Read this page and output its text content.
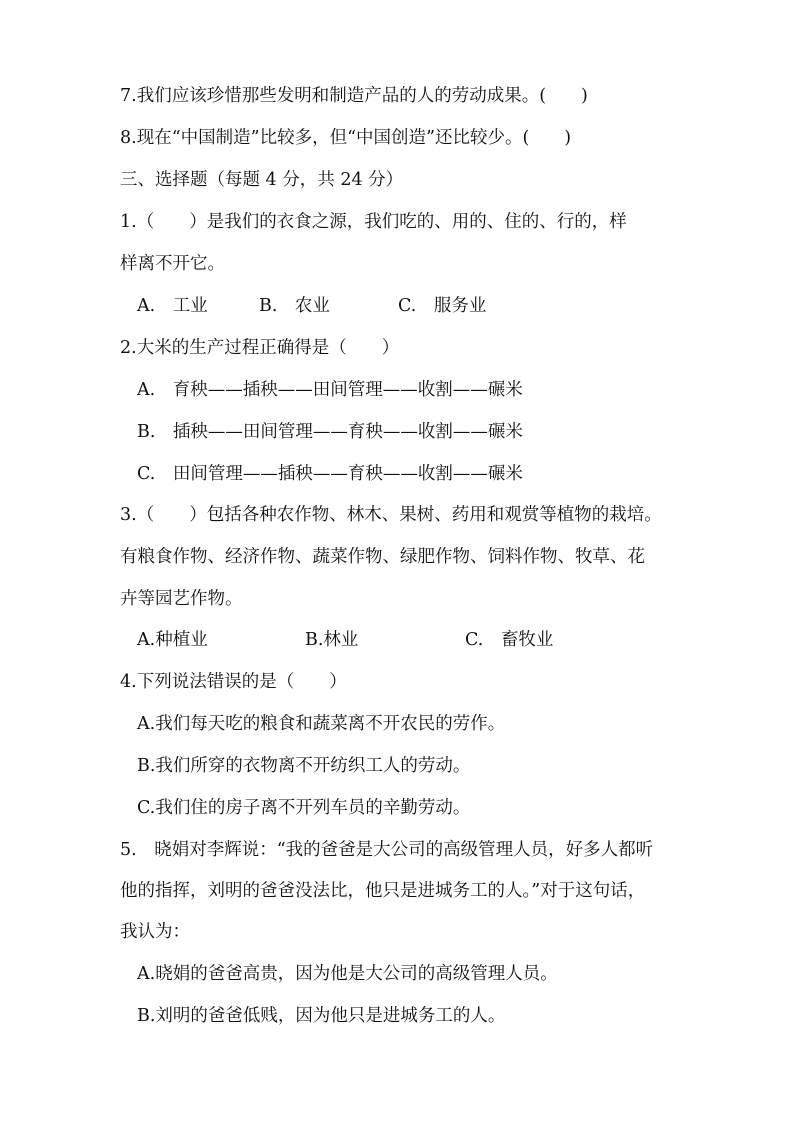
7.我们应该珍惜那些发明和制造产品的人的劳动成果。(　　)
8.现在“中国制造”比较多，但“中国创造”还比较少。(　　)
三、选择题（每题 4 分，共 24 分）
1.（　　）是我们的衣食之源，我们吃的、用的、住的、行的，样
样离不开它。
A.　工业	B.　农业	C.　服务业
2.大米的生产过程正确得是（　　）
A.　育秧——插秧——田间管理——收割——碾米
B.　插秧——田间管理——育秧——收割——碾米
C.　田间管理——插秧——育秧——收割——碾米
3.（　　）包括各种农作物、林木、果树、药用和观赏等植物的栽培。
有粮食作物、经济作物、蔬菜作物、绿肥作物、饲料作物、牧草、花
卉等园艺作物。
A.种植业	B.林业	C.　畜牧业
4.下列说法错误的是（　　）
A.我们每天吃的粮食和蔬菜离不开农民的劳作。
B.我们所穿的衣物离不开纺织工人的劳动。
C.我们住的房子离不开列车员的辛勤劳动。
5.　晓娟对李辉说：“我的爸爸是大公司的高级管理人员，好多人都听
他的指挥，刘明的爸爸没法比，他只是进城务工的人。”对于这句话，
我认为：
A.晓娟的爸爸高贵，因为他是大公司的高级管理人员。
B.刘明的爸爸低贱，因为他只是进城务工的人。
